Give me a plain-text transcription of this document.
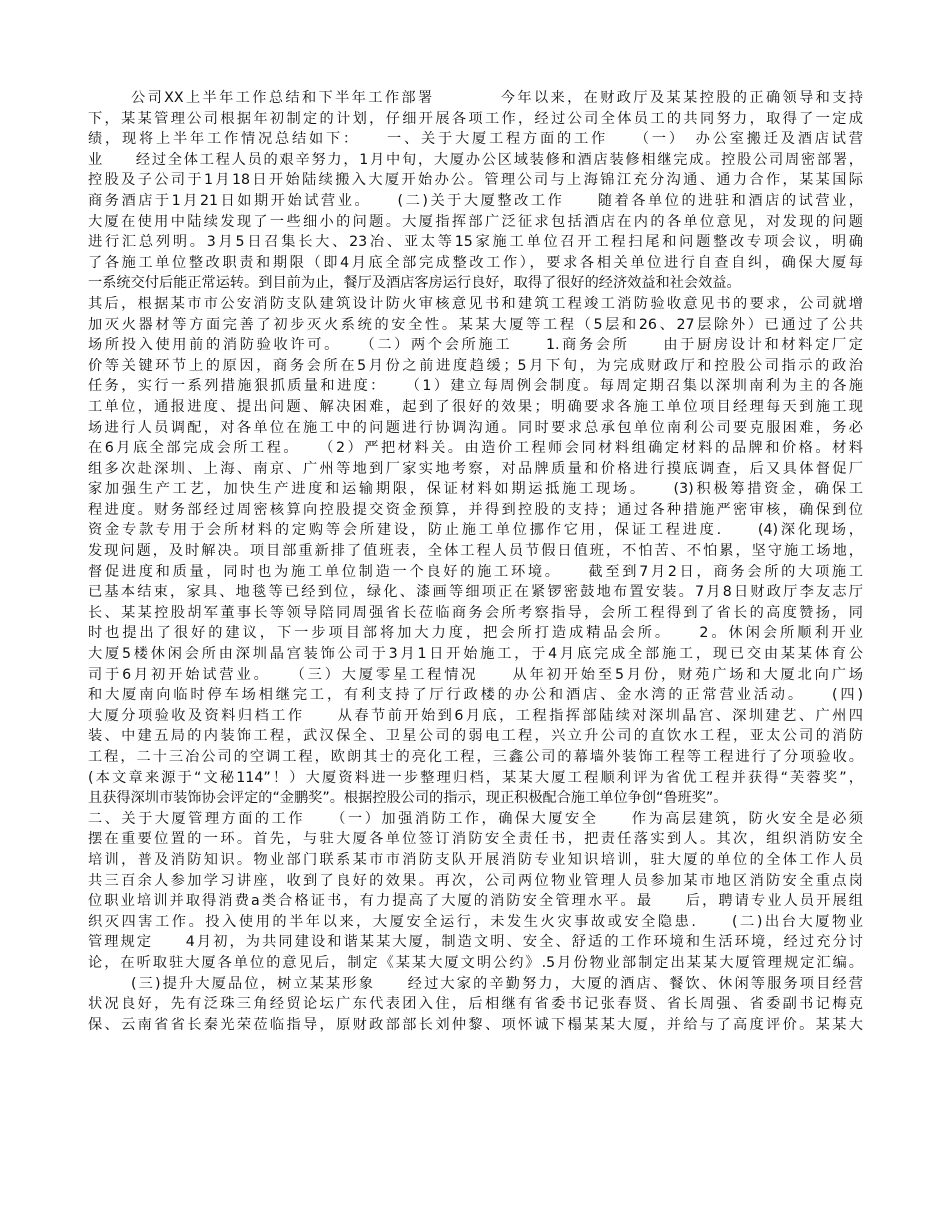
公司XX上半年工作总结和下半年工作部署　　　　今年以来，在财政厅及某某控股的正确领导和支持
下，某某管理公司根据年初制定的计划，仔细开展各项工作，经过公司全体员工的共同努力，取得了一定成
绩，现将上半年工作情况总结如下：　　一、关于大厦工程方面的工作　　（一）　办公室搬迁及酒店试营
业　　经过全体工程人员的艰辛努力，1月中旬，大厦办公区域装修和酒店装修相继完成。控股公司周密部署，
控股及子公司于1月18日开始陆续搬入大厦开始办公。管理公司与上海锦江充分沟通、通力合作，某某国际
商务酒店于1月21日如期开始试营业。　　(二)关于大厦整改工作　　随着各单位的进驻和酒店的试营业，
大厦在使用中陆续发现了一些细小的问题。大厦指挥部广泛征求包括酒店在内的各单位意见，对发现的问题
进行汇总列明。3月5日召集长大、23冶、亚太等15家施工单位召开工程扫尾和问题整改专项会议，明确
了各施工单位整改职责和期限（即4月底全部完成整改工作），要求各相关单位进行自查自纠，确保大厦每
一系统交付后能正常运转。到目前为止，餐厅及酒店客房运行良好，取得了很好的经济效益和社会效益。
其后，根据某市市公安消防支队建筑设计防火审核意见书和建筑工程竣工消防验收意见书的要求，公司就增
加灭火器材等方面完善了初步灭火系统的安全性。某某大厦等工程（5层和26、27层除外）已通过了公共
场所投入使用前的消防验收许可。　　（二）两个会所施工　　1.商务会所　　由于厨房设计和材料定厂定
价等关键环节上的原因，商务会所在5月份之前进度趋缓；5月下旬，为完成财政厅和控股公司指示的政治
任务，实行一系列措施狠抓质量和进度：　　（1）建立每周例会制度。每周定期召集以深圳南利为主的各施
工单位，通报进度、提出问题、解决困难，起到了很好的效果；明确要求各施工单位项目经理每天到施工现
场进行人员调配，对各单位在施工中的问题进行协调沟通。同时要求总承包单位南利公司要克服困难，务必
在6月底全部完成会所工程。　　（2）严把材料关。由造价工程师会同材料组确定材料的品牌和价格。材料
组多次赴深圳、上海、南京、广州等地到厂家实地考察，对品牌质量和价格进行摸底调查，后又具体督促厂
家加强生产工艺，加快生产进度和运输期限，保证材料如期运抵施工现场。　　(3)积极筹措资金，确保工
程进度。财务部经过周密核算向控股提交资金预算，并得到控股的支持；通过各种措施严密审核，确保到位
资金专款专用于会所材料的定购等会所建设，防止施工单位挪作它用，保证工程进度.　　(4)深化现场，
发现问题，及时解决。项目部重新排了值班表，全体工程人员节假日值班，不怕苦、不怕累，坚守施工场地，
督促进度和质量，同时也为施工单位制造一个良好的施工环境。　　截至到7月2日，商务会所的大项施工
已基本结束，家具、地毯等已经到位，绿化、漆画等细项正在紧锣密鼓地布置安装。7月8日财政厅李友志厅
长、某某控股胡军董事长等领导陪同周强省长莅临商务会所考察指导，会所工程得到了省长的高度赞扬，同
时也提出了很好的建议，下一步项目部将加大力度，把会所打造成精品会所。　　2。休闲会所顺利开业
大厦5楼休闲会所由深圳晶宫装饰公司于3月1日开始施工，于4月底完成全部施工，现已交由某某体育公
司于6月初开始试营业。　　（三）大厦零星工程情况　　从年初开始至5月份，财苑广场和大厦北向广场
和大厦南向临时停车场相继完工，有利支持了厅行政楼的办公和酒店、金水湾的正常营业活动。　　(四)
大厦分项验收及资料归档工作　　从春节前开始到6月底，工程指挥部陆续对深圳晶宫、深圳建艺、广州四
装、中建五局的内装饰工程，武汉保全、卫星公司的弱电工程，兴立升公司的直饮水工程，亚太公司的消防
工程，二十三冶公司的空调工程，欧朗其士的亮化工程，三鑫公司的幕墙外装饰工程等工程进行了分项验收。
(本文章来源于“文秘114”！）大厦资料进一步整理归档，某某大厦工程顺利评为省优工程并获得“芙蓉奖”，
且获得深圳市装饰协会评定的“金鹏奖”。根据控股公司的指示，现正积极配合施工单位争创“鲁班奖”。
二、关于大厦管理方面的工作　　（一）加强消防工作，确保大厦安全　　作为高层建筑，防火安全是必须
摆在重要位置的一环。首先，与驻大厦各单位签订消防安全责任书，把责任落实到人。其次，组织消防安全
培训，普及消防知识。物业部门联系某市市消防支队开展消防专业知识培训，驻大厦的单位的全体工作人员
共三百余人参加学习讲座，收到了良好的效果。再次，公司两位物业管理人员参加某市地区消防安全重点岗
位职业培训并取得消费a类合格证书，有力提高了大厦的消防安全管理水平。最　　后，聘请专业人员开展组
织灭四害工作。投入使用的半年以来，大厦安全运行，未发生火灾事故或安全隐患.　　(二)出台大厦物业
管理规定　　4月初，为共同建设和谐某某大厦，制造文明、安全、舒适的工作环境和生活环境，经过充分讨
论，在听取驻大厦各单位的意见后，制定《某某大厦文明公约》.5月份物业部制定出某某大厦管理规定汇编。
(三)提升大厦品位，树立某某形象　　经过大家的辛勤努力，大厦的酒店、餐饮、休闲等服务项目经营
状况良好，先有泛珠三角经贸论坛广东代表团入住，后相继有省委书记张春贤、省长周强、省委副书记梅克
保、云南省省长秦光荣莅临指导，原财政部部长刘仲黎、项怀诚下榻某某大厦，并给与了高度评价。某某大
